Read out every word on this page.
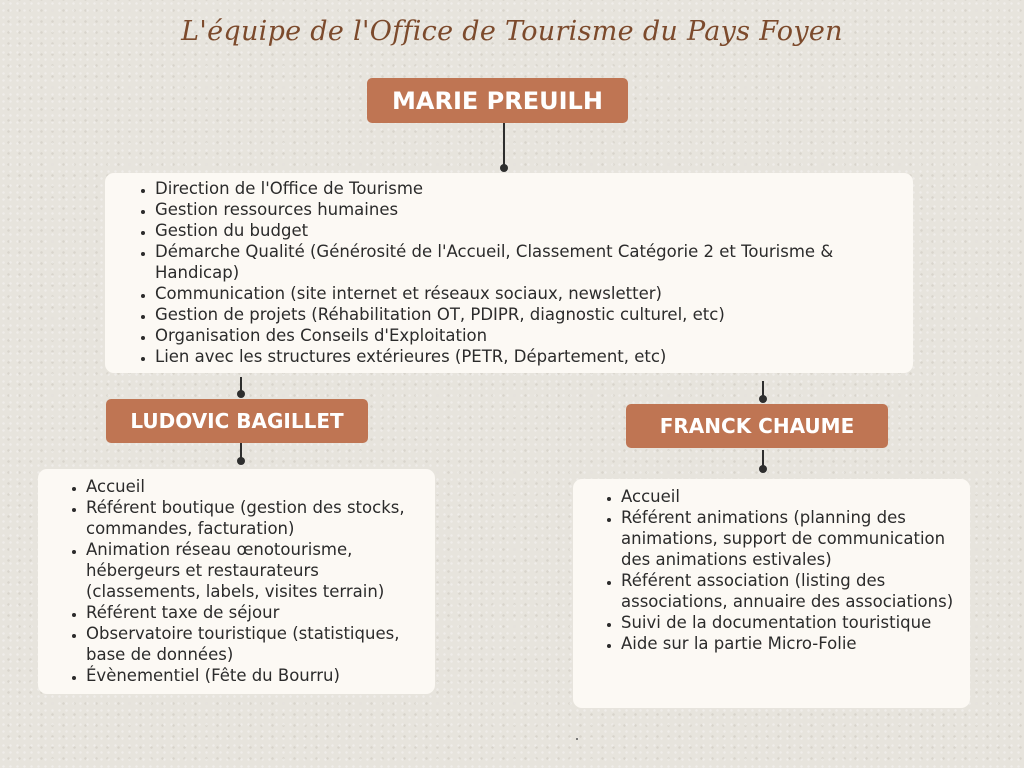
L'équipe de l'Office de Tourisme du Pays Foyen
MARIE PREUILH
• Direction de l'Office de Tourisme
• Gestion ressources humaines
• Gestion du budget
• Démarche Qualité (Générosité de l'Accueil, Classement Catégorie 2 et Tourisme & Handicap)
• Communication (site internet et réseaux sociaux, newsletter)
• Gestion de projets (Réhabilitation OT, PDIPR, diagnostic culturel, etc)
• Organisation des Conseils d'Exploitation
• Lien avec les structures extérieures (PETR, Département, etc)
LUDOVIC BAGILLET
• Accueil
• Référent boutique (gestion des stocks, commandes, facturation)
• Animation réseau œnotourisme, hébergeurs et restaurateurs (classements, labels, visites terrain)
• Référent taxe de séjour
• Observatoire touristique (statistiques, base de données)
• Évènementiel (Fête du Bourru)
FRANCK CHAUME
• Accueil
• Référent animations (planning des animations, support de communication des animations estivales)
• Référent association (listing des associations, annuaire des associations)
• Suivi de la documentation touristique
• Aide sur la partie Micro-Folie
